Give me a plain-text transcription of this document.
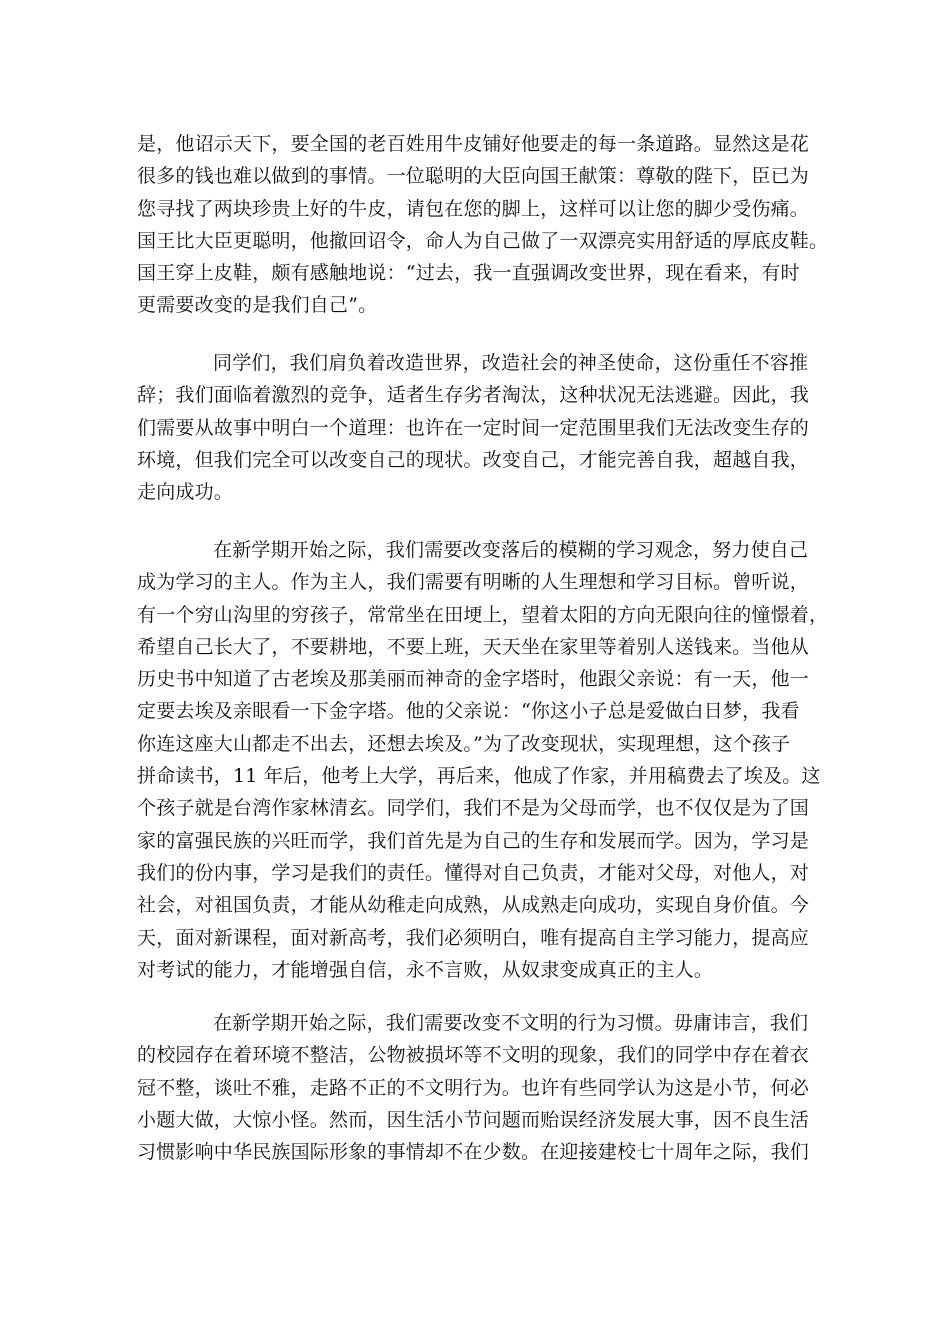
是，他诏示天下，要全国的老百姓用牛皮铺好他要走的每一条道路。显然这是花
很多的钱也难以做到的事情。一位聪明的大臣向国王献策：尊敬的陛下，臣已为
您寻找了两块珍贵上好的牛皮，请包在您的脚上，这样可以让您的脚少受伤痛。
国王比大臣更聪明，他撤回诏令，命人为自己做了一双漂亮实用舒适的厚底皮鞋。
国王穿上皮鞋，颇有感触地说：“过去，我一直强调改变世界，现在看来，有时
更需要改变的是我们自己”。
同学们，我们肩负着改造世界，改造社会的神圣使命，这份重任不容推
辞；我们面临着激烈的竞争，适者生存劣者淘汰，这种状况无法逃避。因此，我
们需要从故事中明白一个道理：也许在一定时间一定范围里我们无法改变生存的
环境，但我们完全可以改变自己的现状。改变自己，才能完善自我，超越自我，
走向成功。
在新学期开始之际，我们需要改变落后的模糊的学习观念，努力使自己
成为学习的主人。作为主人，我们需要有明晰的人生理想和学习目标。曾听说，
有一个穷山沟里的穷孩子，常常坐在田埂上，望着太阳的方向无限向往的憧憬着，
希望自己长大了，不要耕地，不要上班，天天坐在家里等着别人送钱来。当他从
历史书中知道了古老埃及那美丽而神奇的金字塔时，他跟父亲说：有一天，他一
定要去埃及亲眼看一下金字塔。他的父亲说：“你这小子总是爱做白日梦，我看
你连这座大山都走不出去，还想去埃及。”为了改变现状，实现理想，这个孩子
拼命读书，11 年后，他考上大学，再后来，他成了作家，并用稿费去了埃及。这
个孩子就是台湾作家林清玄。同学们，我们不是为父母而学，也不仅仅是为了国
家的富强民族的兴旺而学，我们首先是为自己的生存和发展而学。因为，学习是
我们的份内事，学习是我们的责任。懂得对自己负责，才能对父母，对他人，对
社会，对祖国负责，才能从幼稚走向成熟，从成熟走向成功，实现自身价值。今
天，面对新课程，面对新高考，我们必须明白，唯有提高自主学习能力，提高应
对考试的能力，才能增强自信，永不言败，从奴隶变成真正的主人。
在新学期开始之际，我们需要改变不文明的行为习惯。毋庸讳言，我们
的校园存在着环境不整洁，公物被损坏等不文明的现象，我们的同学中存在着衣
冠不整，谈吐不雅，走路不正的不文明行为。也许有些同学认为这是小节，何必
小题大做，大惊小怪。然而，因生活小节问题而贻误经济发展大事，因不良生活
习惯影响中华民族国际形象的事情却不在少数。在迎接建校七十周年之际，我们
